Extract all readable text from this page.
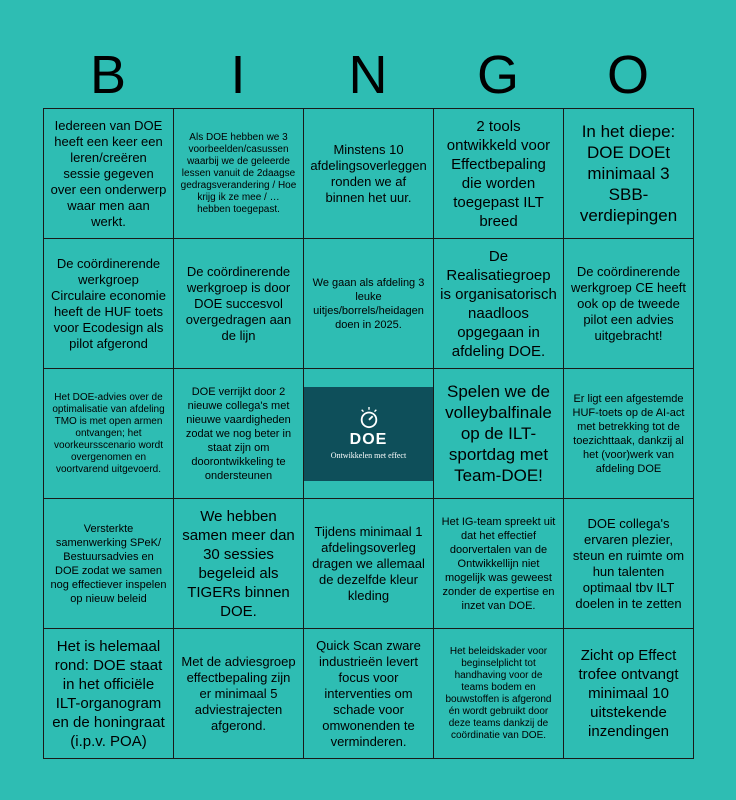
B	I	N	G	O
Iedereen van DOE heeft een keer een leren/creëren sessie gegeven over een onderwerp waar men aan werkt.
Als DOE hebben we 3 voorbeelden/casussen waarbij we de geleerde lessen vanuit de 2daagse gedragsverandering / Hoe krijg ik ze mee / … hebben toegepast.
Minstens 10 afdelingsoverleggen ronden we af binnen het uur.
2 tools ontwikkeld voor Effectbepaling die worden toegepast ILT breed
In het diepe: DOE DOEt minimaal 3 SBB-verdiepingen
De coördinerende werkgroep Circulaire economie heeft de HUF toets voor Ecodesign als pilot afgerond
De coördinerende werkgroep is door DOE succesvol overgedragen aan de lijn
We gaan als afdeling 3 leuke uitjes/borrels/heidagen doen in 2025.
De Realisatiegroep is organisatorisch naadloos opgegaan in afdeling DOE.
De coördinerende werkgroep CE heeft ook op de tweede pilot een advies uitgebracht!
Het DOE-advies over de optimalisatie van afdeling TMO is met open armen ontvangen; het voorkeursscenario wordt overgenomen en voortvarend uitgevoerd.
DOE verrijkt door 2 nieuwe collega's met nieuwe vaardigheden zodat we nog beter in staat zijn om doorontwikkeling te ondersteunen
DOE
Ontwikkelen met effect
Spelen we de volleybalfinale op de ILT-sportdag met Team-DOE!
Er ligt een afgestemde HUF-toets op de AI-act met betrekking tot de toezichttaak, dankzij al het (voor)werk van afdeling DOE
Versterkte samenwerking SPeK/ Bestuursadvies en DOE zodat we samen nog effectiever inspelen op nieuw beleid
We hebben samen meer dan 30 sessies begeleid als TIGERs binnen DOE.
Tijdens minimaal 1 afdelingsoverleg dragen we allemaal de dezelfde kleur kleding
Het IG-team spreekt uit dat het effectief doorvertalen van de Ontwikkellijn niet mogelijk was geweest zonder de expertise en inzet van DOE.
DOE collega's ervaren plezier, steun en ruimte om hun talenten optimaal tbv ILT doelen in te zetten
Het is helemaal rond: DOE staat in het officiële ILT-organogram en de honingraat (i.p.v. POA)
Met de adviesgroep effectbepaling zijn er minimaal 5 adviestrajecten afgerond.
Quick Scan zware industrieën levert focus voor interventies om schade voor omwonenden te verminderen.
Het beleidskader voor beginselplicht tot handhaving voor de teams bodem en bouwstoffen is afgerond én wordt gebruikt door deze teams dankzij de coördinatie van DOE.
Zicht op Effect trofee ontvangt minimaal 10 uitstekende inzendingen
